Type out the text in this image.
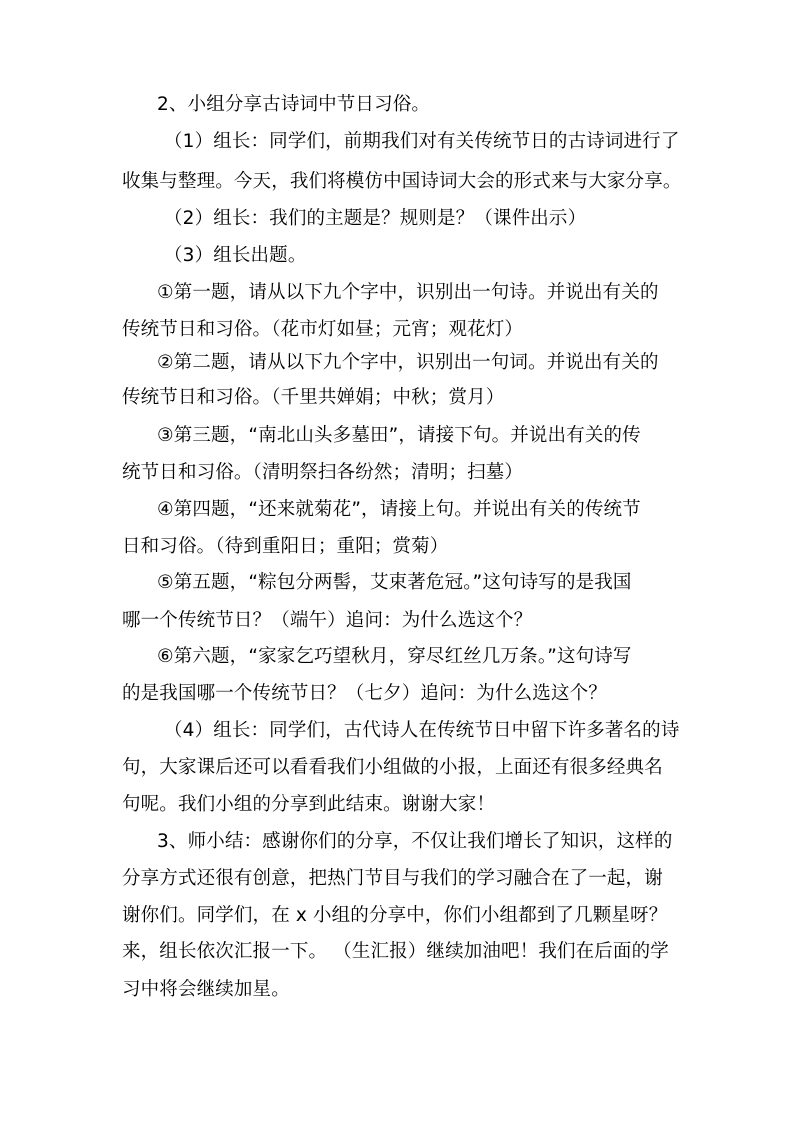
2、小组分享古诗词中节日习俗。
（1）组长：同学们，前期我们对有关传统节日的古诗词进行了
收集与整理。今天，我们将模仿中国诗词大会的形式来与大家分享。
（2）组长：我们的主题是？规则是？（课件出示）
（3）组长出题。
①第一题，请从以下九个字中，识别出一句诗。并说出有关的
传统节日和习俗。（花市灯如昼；元宵；观花灯）
②第二题，请从以下九个字中，识别出一句词。并说出有关的
传统节日和习俗。（千里共婵娟；中秋；赏月）
③第三题，“南北山头多墓田”，请接下句。并说出有关的传
统节日和习俗。（清明祭扫各纷然；清明；扫墓）
④第四题，“还来就菊花”，请接上句。并说出有关的传统节
日和习俗。（待到重阳日；重阳；赏菊）
⑤第五题，“粽包分两髻，艾束著危冠。”这句诗写的是我国
哪一个传统节日？（端午）追问：为什么选这个？
⑥第六题，“家家乞巧望秋月，穿尽红丝几万条。”这句诗写
的是我国哪一个传统节日？（七夕）追问：为什么选这个？
（4）组长：同学们，古代诗人在传统节日中留下许多著名的诗
句，大家课后还可以看看我们小组做的小报，上面还有很多经典名
句呢。我们小组的分享到此结束。谢谢大家！
3、师小结：感谢你们的分享，不仅让我们增长了知识，这样的
分享方式还很有创意，把热门节目与我们的学习融合在了一起，谢
谢你们。同学们，在 x 小组的分享中，你们小组都到了几颗星呀？
来，组长依次汇报一下。 （生汇报）继续加油吧！我们在后面的学
习中将会继续加星。
